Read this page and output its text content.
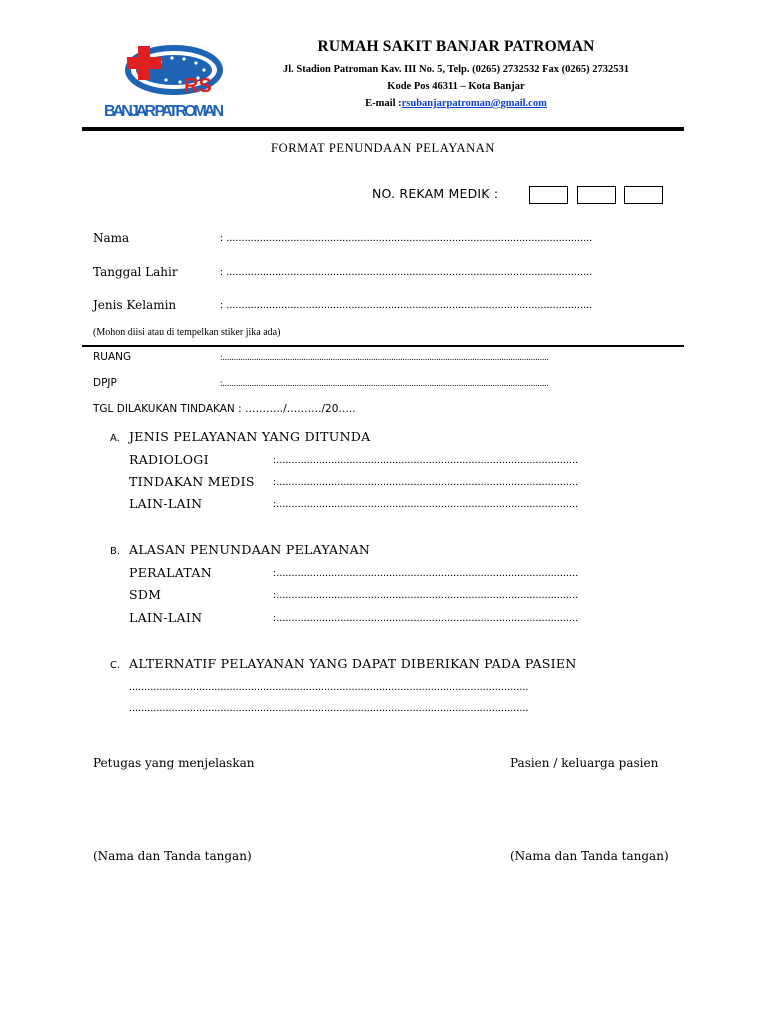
RS
BANJAR PATROMAN
RUMAH SAKIT BANJAR PATROMAN
Jl. Stadion Patroman Kav. III No. 5, Telp. (0265) 2732532 Fax (0265) 2732531
Kode Pos 46311 – Kota Banjar
E-mail :rsubanjarpatroman@gmail.com
FORMAT PENUNDAAN PELAYANAN
NO. REKAM MEDIK :
Nama	: ........................................................................................................................
Tanggal Lahir	: ........................................................................................................................
Jenis Kelamin	: ........................................................................................................................
(Mohon diisi atau di tempelkan stiker jika ada)
RUANG	:.................................................................................................................................................
DPJP	:.................................................................................................................................................
TGL DILAKUKAN TINDAKAN : ………../………./20…..
A. JENIS PELAYANAN YANG DITUNDA
RADIOLOGI	:...................................................................................................
TINDAKAN MEDIS :...................................................................................................
LAIN-LAIN	:...................................................................................................
B. ALASAN PENUNDAAN PELAYANAN
PERALATAN	:...................................................................................................
SDM	:...................................................................................................
LAIN-LAIN	:...................................................................................................
C. ALTERNATIF PELAYANAN YANG DAPAT DIBERIKAN PADA PASIEN
...................................................................................................................................
...................................................................................................................................
Petugas yang menjelaskan	Pasien / keluarga pasien
(Nama dan Tanda tangan)	(Nama dan Tanda tangan)
